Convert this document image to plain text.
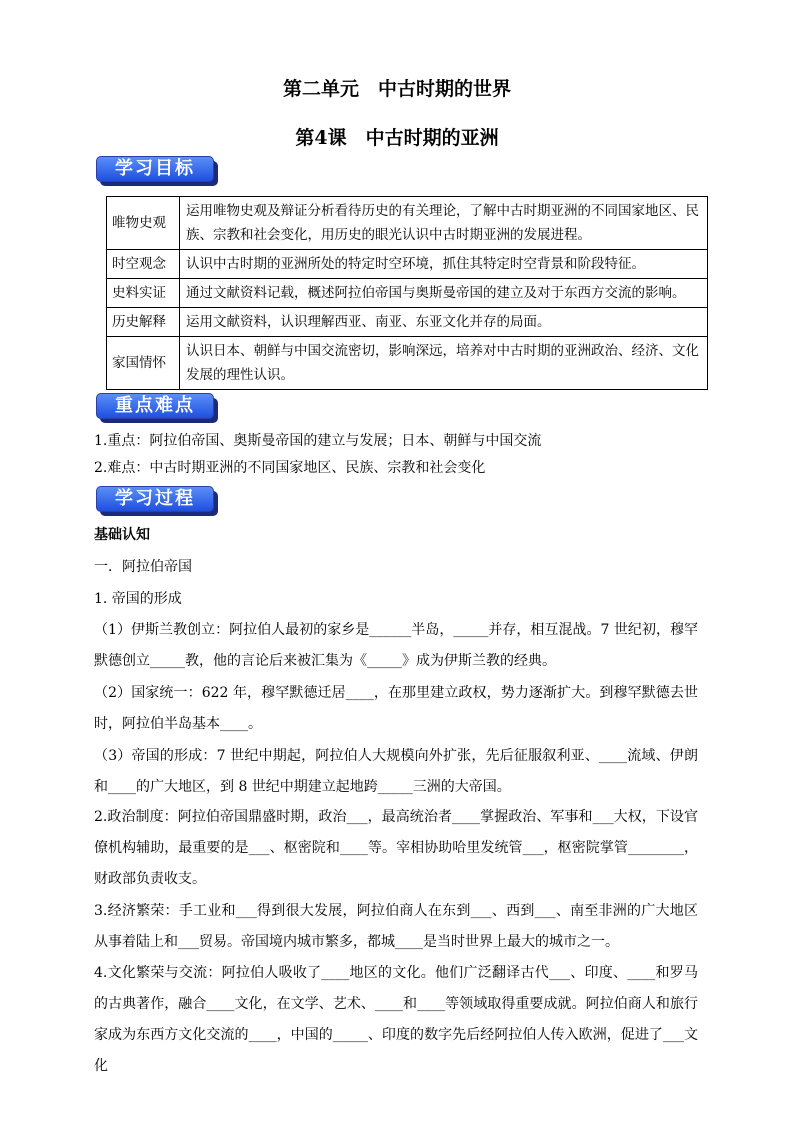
第二单元　中古时期的世界
第4课　中古时期的亚洲
学习目标
唯物史观	运用唯物史观及辩证分析看待历史的有关理论，了解中古时期亚洲的不同国家地区、民族、宗教和社会变化，用历史的眼光认识中古时期亚洲的发展进程。
时空观念	认识中古时期的亚洲所处的特定时空环境，抓住其特定时空背景和阶段特征。
史料实证	通过文献资料记载，概述阿拉伯帝国与奥斯曼帝国的建立及对于东西方交流的影响。
历史解释	运用文献资料，认识理解西亚、南亚、东亚文化并存的局面。
家国情怀	认识日本、朝鲜与中国交流密切，影响深远，培养对中古时期的亚洲政治、经济、文化发展的理性认识。
重点难点
1.重点：阿拉伯帝国、奥斯曼帝国的建立与发展；日本、朝鲜与中国交流
2.难点：中古时期亚洲的不同国家地区、民族、宗教和社会变化
学习过程
基础认知
一．阿拉伯帝国
1. 帝国的形成
（1）伊斯兰教创立：阿拉伯人最初的家乡是______半岛，_____并存，相互混战。7 世纪初，穆罕默德创立_____教，他的言论后来被汇集为《_____》成为伊斯兰教的经典。
（2）国家统一：622 年，穆罕默德迁居____，在那里建立政权，势力逐渐扩大。到穆罕默德去世时，阿拉伯半岛基本____。
（3）帝国的形成：7 世纪中期起，阿拉伯人大规模向外扩张，先后征服叙利亚、____流域、伊朗和____的广大地区，到 8 世纪中期建立起地跨_____三洲的大帝国。
2.政治制度：阿拉伯帝国鼎盛时期，政治___，最高统治者____掌握政治、军事和___大权，下设官僚机构辅助，最重要的是___、枢密院和____等。宰相协助哈里发统管___，枢密院掌管________，财政部负责收支。
3.经济繁荣：手工业和___得到很大发展，阿拉伯商人在东到___、西到___、南至非洲的广大地区从事着陆上和___贸易。帝国境内城市繁多，都城____是当时世界上最大的城市之一。
4.文化繁荣与交流：阿拉伯人吸收了____地区的文化。他们广泛翻译古代___、印度、____和罗马的古典著作，融合____文化，在文学、艺术、____和____等领域取得重要成就。阿拉伯商人和旅行家成为东西方文化交流的____，中国的_____、印度的数字先后经阿拉伯人传入欧洲，促进了___文化
